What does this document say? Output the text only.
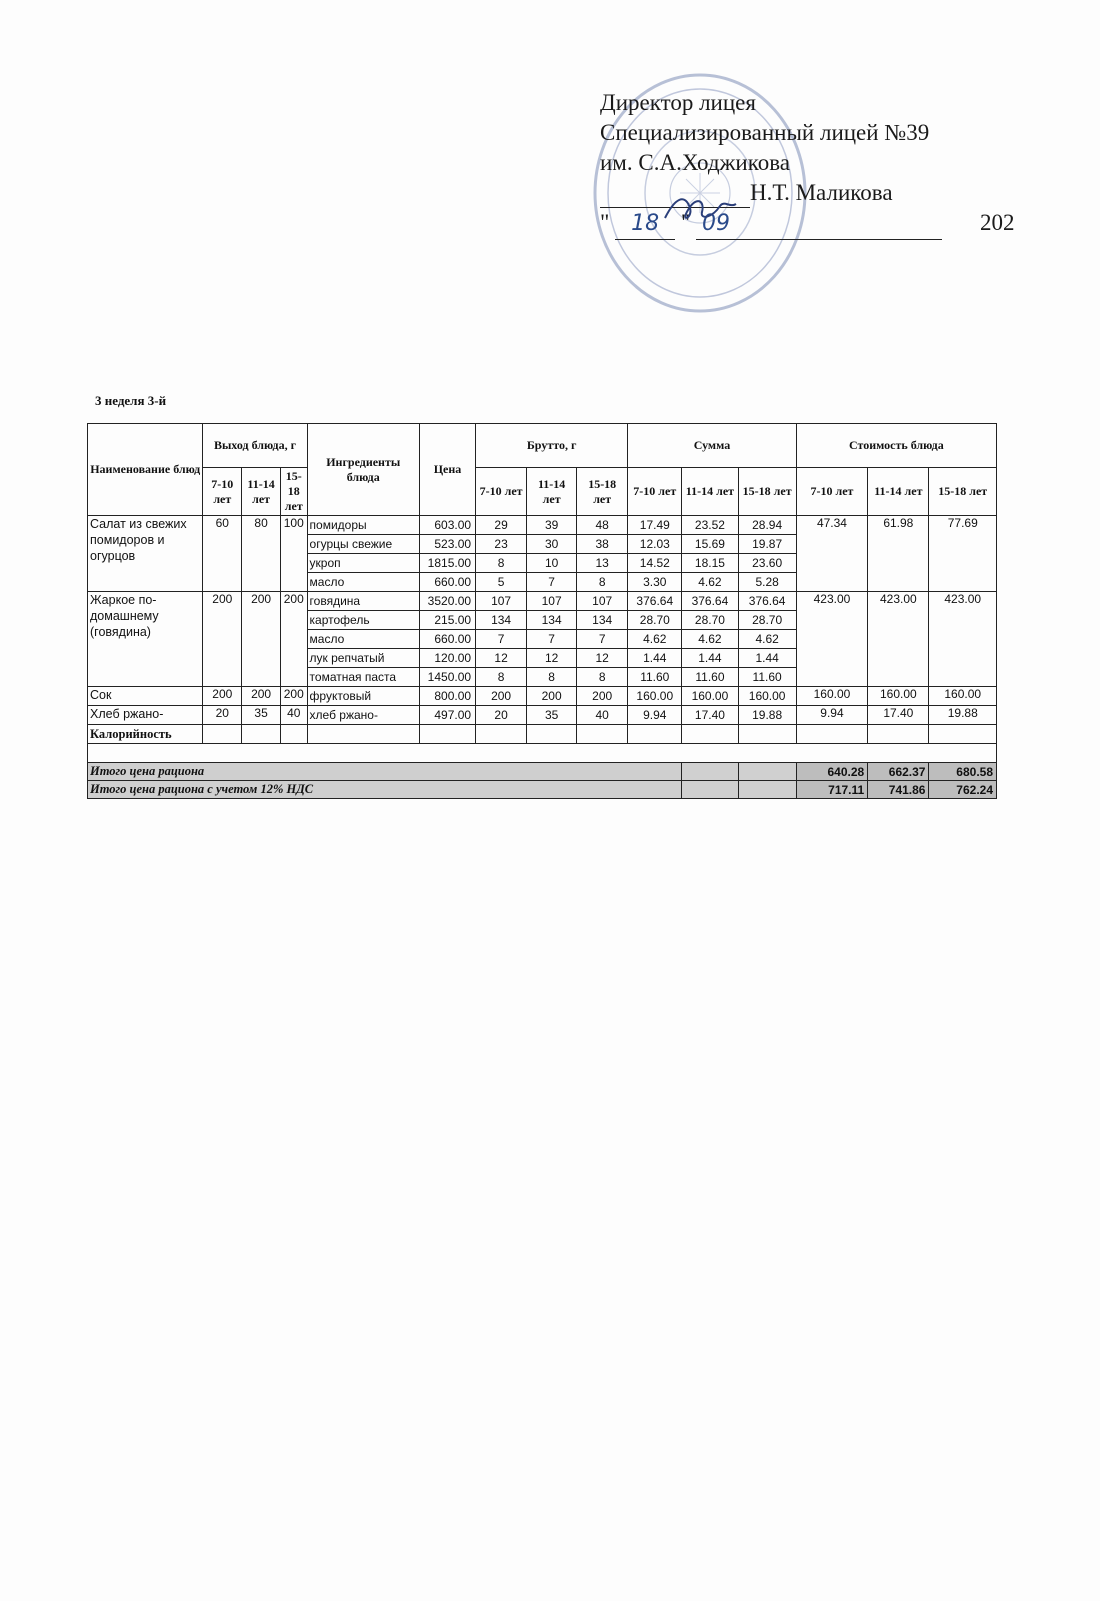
Директор лицея
Специализированный лицей №39
им. С.А.Ходжикова
Н.Т. Маликова
" 18 " 09	202
3 неделя 3-й
Наименование блюд	Выход блюда, г			Ингредиенты блюда	Цена	Брутто, г			Сумма			Стоимость блюда		
	7-10 лет	11-14 лет	15-18 лет			7-10 лет	11-14 лет	15-18 лет	7-10 лет	11-14 лет	15-18 лет	7-10 лет	11-14 лет	15-18 лет
Салат из свежих помидоров и огурцов	60	80	100	помидоры	603.00	29	39	48	17.49	23.52	28.94	47.34	61.98	77.69
				огурцы свежие	523.00	23	30	38	12.03	15.69	19.87			
				укроп	1815.00	8	10	13	14.52	18.15	23.60			
				масло	660.00	5	7	8	3.30	4.62	5.28			
Жаркое по-домашнему (говядина)	200	200	200	говядина	3520.00	107	107	107	376.64	376.64	376.64	423.00	423.00	423.00
				картофель	215.00	134	134	134	28.70	28.70	28.70			
				масло	660.00	7	7	7	4.62	4.62	4.62			
				лук репчатый	120.00	12	12	12	1.44	1.44	1.44			
				томатная паста	1450.00	8	8	8	11.60	11.60	11.60			
Сок	200	200	200	фруктовый	800.00	200	200	200	160.00	160.00	160.00	160.00	160.00	160.00
Хлеб ржано-	20	35	40	хлеб ржано-	497.00	20	35	40	9.94	17.40	19.88	9.94	17.40	19.88
Калорийность														

Итого цена рациона												640.28	662.37	680.58
Итого цена рациона с учетом 12% НДС												717.11	741.86	762.24
